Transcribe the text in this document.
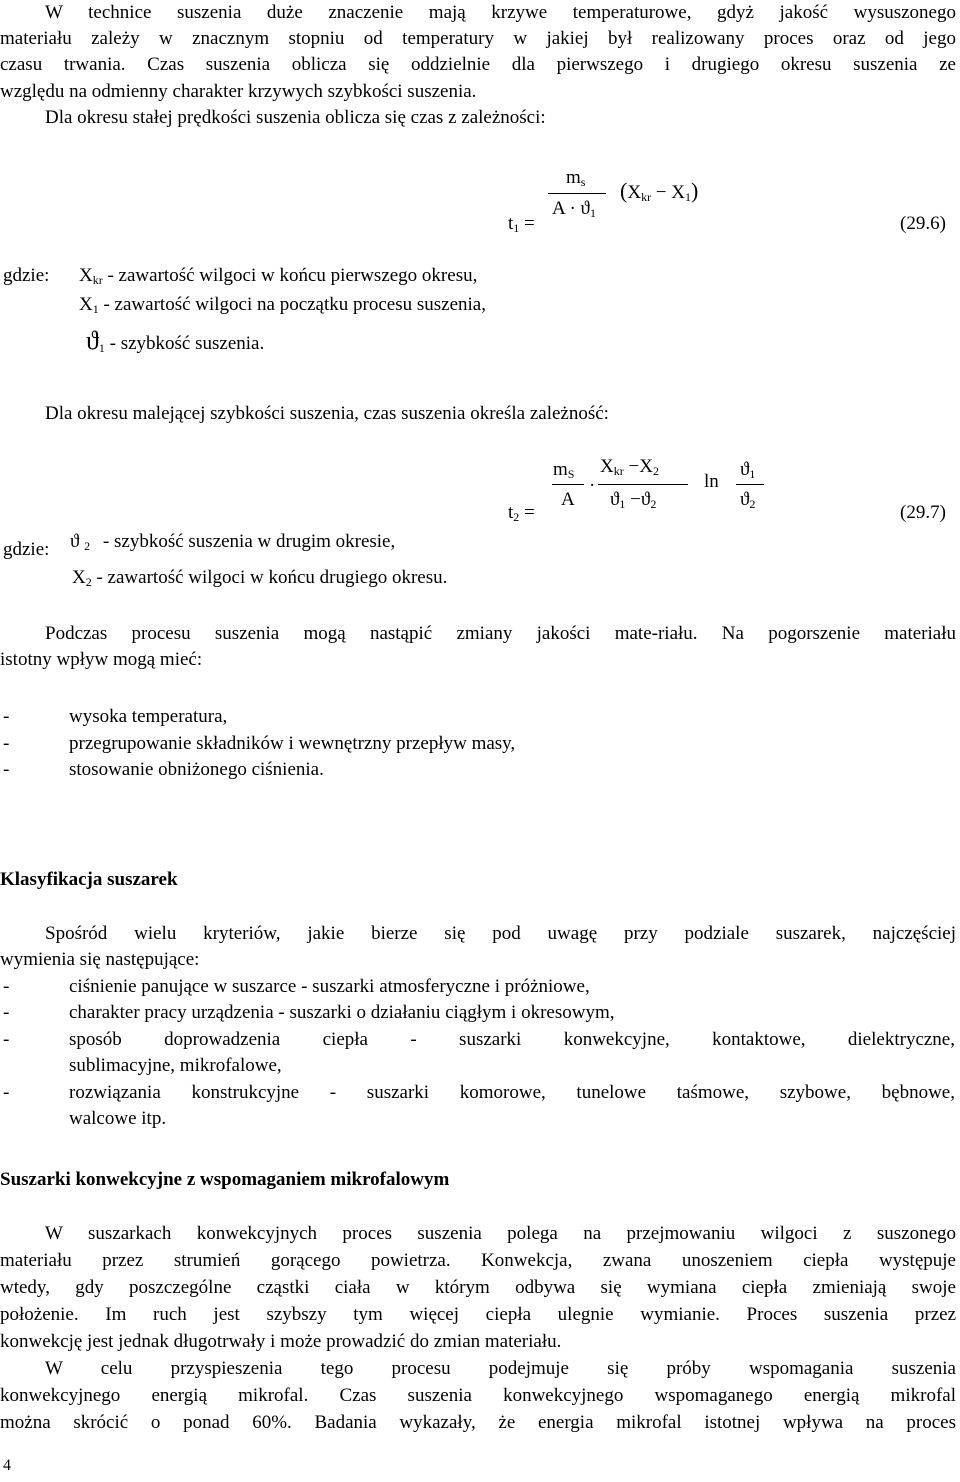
W technice suszenia duże znaczenie mają krzywe temperaturowe, gdyż jakość wysuszonego
materiału zależy w znacznym stopniu od temperatury w jakiej był realizowany proces oraz od jego
czasu trwania. Czas suszenia oblicza się oddzielnie dla pierwszego i drugiego okresu suszenia ze
względu na odmienny charakter krzywych szybkości suszenia.
Dla okresu stałej prędkości suszenia oblicza się czas z zależności:
$t_1$ =
$m_s$
$A \cdot ϑ_1$
$(X_{kr} - X_1)$
(29.6)
gdzie: $X_{kr}$ - zawartość wilgoci w końcu pierwszego okresu,
$X_1$ - zawartość wilgoci na początku procesu suszenia,
$ϑ_1$ - szybkość suszenia.
Dla okresu malejącej szybkości suszenia, czas suszenia określa zależność:
$t_2$ =
$m_S$
A
·
$X_{kr} -X_2$
$ϑ_1 -ϑ_2$
ln
$ϑ_1$
$ϑ_2$	(29.7)
gdzie: ϑ $_2$ - szybkość suszenia w drugim okresie,
$X_2$ - zawartość wilgoci w końcu drugiego okresu.
Podczas procesu suszenia mogą nastąpić zmiany jakości mate-riału. Na pogorszenie materiału
istotny wpływ mogą mieć:
-	wysoka temperatura,
-	przegrupowanie składników i wewnętrzny przepływ masy,
-	stosowanie obniżonego ciśnienia.
Klasyfikacja suszarek
Spośród wielu kryteriów, jakie bierze się pod uwagę przy podziale suszarek, najczęściej
wymienia się następujące:
-	ciśnienie panujące w suszarce - suszarki atmosferyczne i próżniowe,
-	charakter pracy urządzenia - suszarki o działaniu ciągłym i okresowym,
-	sposób doprowadzenia ciepła - suszarki konwekcyjne, kontaktowe, dielektryczne,
sublimacyjne, mikrofalowe,
-	rozwiązania konstrukcyjne - suszarki komorowe, tunelowe taśmowe, szybowe, bębnowe,
walcowe itp.
Suszarki konwekcyjne z wspomaganiem mikrofalowym
W suszarkach konwekcyjnych proces suszenia polega na przejmowaniu wilgoci z suszonego
materiału przez strumień gorącego powietrza. Konwekcja, zwana unoszeniem ciepła występuje
wtedy, gdy poszczególne cząstki ciała w którym odbywa się wymiana ciepła zmieniają swoje
położenie. Im ruch jest szybszy tym więcej ciepła ulegnie wymianie. Proces suszenia przez
konwekcję jest jednak długotrwały i może prowadzić do zmian materiału.
W celu przyspieszenia tego procesu podejmuje się próby wspomagania suszenia
konwekcyjnego energią mikrofal. Czas suszenia konwekcyjnego wspomaganego energią mikrofal
można skrócić o ponad 60%. Badania wykazały, że energia mikrofal istotnej wpływa na proces
4
